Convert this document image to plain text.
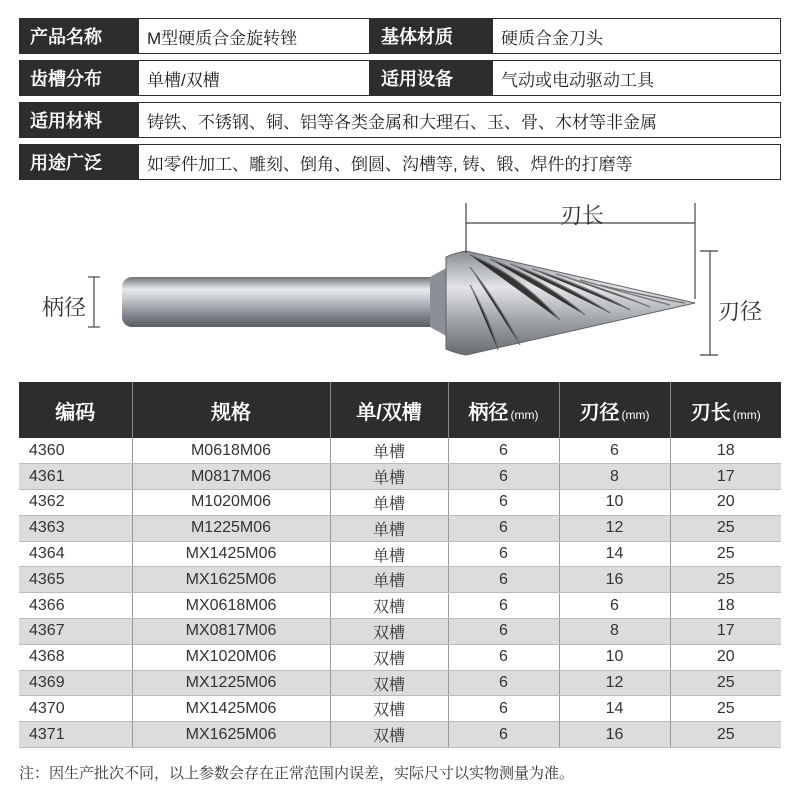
产品名称	M型硬质合金旋转锉	基体材质	硬质合金刀头
齿槽分布	单槽/双槽	适用设备	气动或电动驱动工具
适用材料	铸铁、不锈钢、铜、铝等各类金属和大理石、玉、骨、木材等非金属
用途广泛	如零件加工、雕刻、倒角、倒圆、沟槽等, 铸、锻、焊件的打磨等
柄径
刃长
刃径
编码	规格	单/双槽	柄径 (mm)	刃径 (mm)	刃长 (mm)
4360	M0618M06	单槽	6	6	18
4361	M0817M06	单槽	6	8	17
4362	M1020M06	单槽	6	10	20
4363	M1225M06	单槽	6	12	25
4364	MX1425M06	单槽	6	14	25
4365	MX1625M06	单槽	6	16	25
4366	MX0618M06	双槽	6	6	18
4367	MX0817M06	双槽	6	8	17
4368	MX1020M06	双槽	6	10	20
4369	MX1225M06	双槽	6	12	25
4370	MX1425M06	双槽	6	14	25
4371	MX1625M06	双槽	6	16	25
注：因生产批次不同，以上参数会存在正常范围内误差，实际尺寸以实物测量为准。
